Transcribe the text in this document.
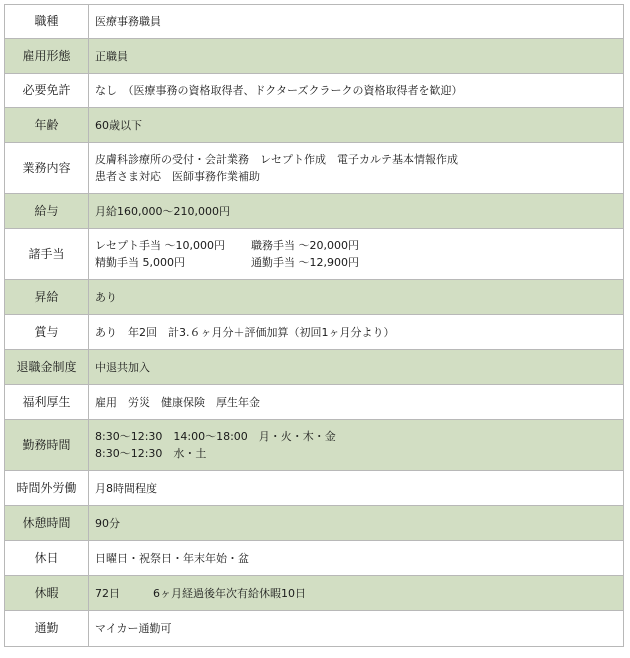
職種	医療事務職員

雇用形態	正職員

必要免許	なし　（医療事務の資格取得者、ドクターズクラークの資格取得者を歓迎）

年齢	60歳以下

業務内容	皮膚科診療所の受付・会計業務　レセプト作成　電子カルテ基本情報作成
患者さま対応　医師事務作業補助

給与	月給160,000〜210,000円

諸手当	レセプト手当 〜10,000円 職務手当 〜20,000円
精勤手当 5,000円 通勤手当 〜12,900円

昇給	あり

賞与	あり　年2回　計3.６ヶ月分＋評価加算（初回1ヶ月分より）

退職金制度	中退共加入

福利厚生	雇用　労災　健康保険　厚生年金

勤務時間	8:30〜12:30　14:00〜18:00　月・火・木・金
8:30〜12:30　水・土

時間外労働	月8時間程度

休憩時間	90分

休日	日曜日・祝祭日・年末年始・盆

休暇	72日　　　6ヶ月経過後年次有給休暇10日

通勤	マイカー通勤可
